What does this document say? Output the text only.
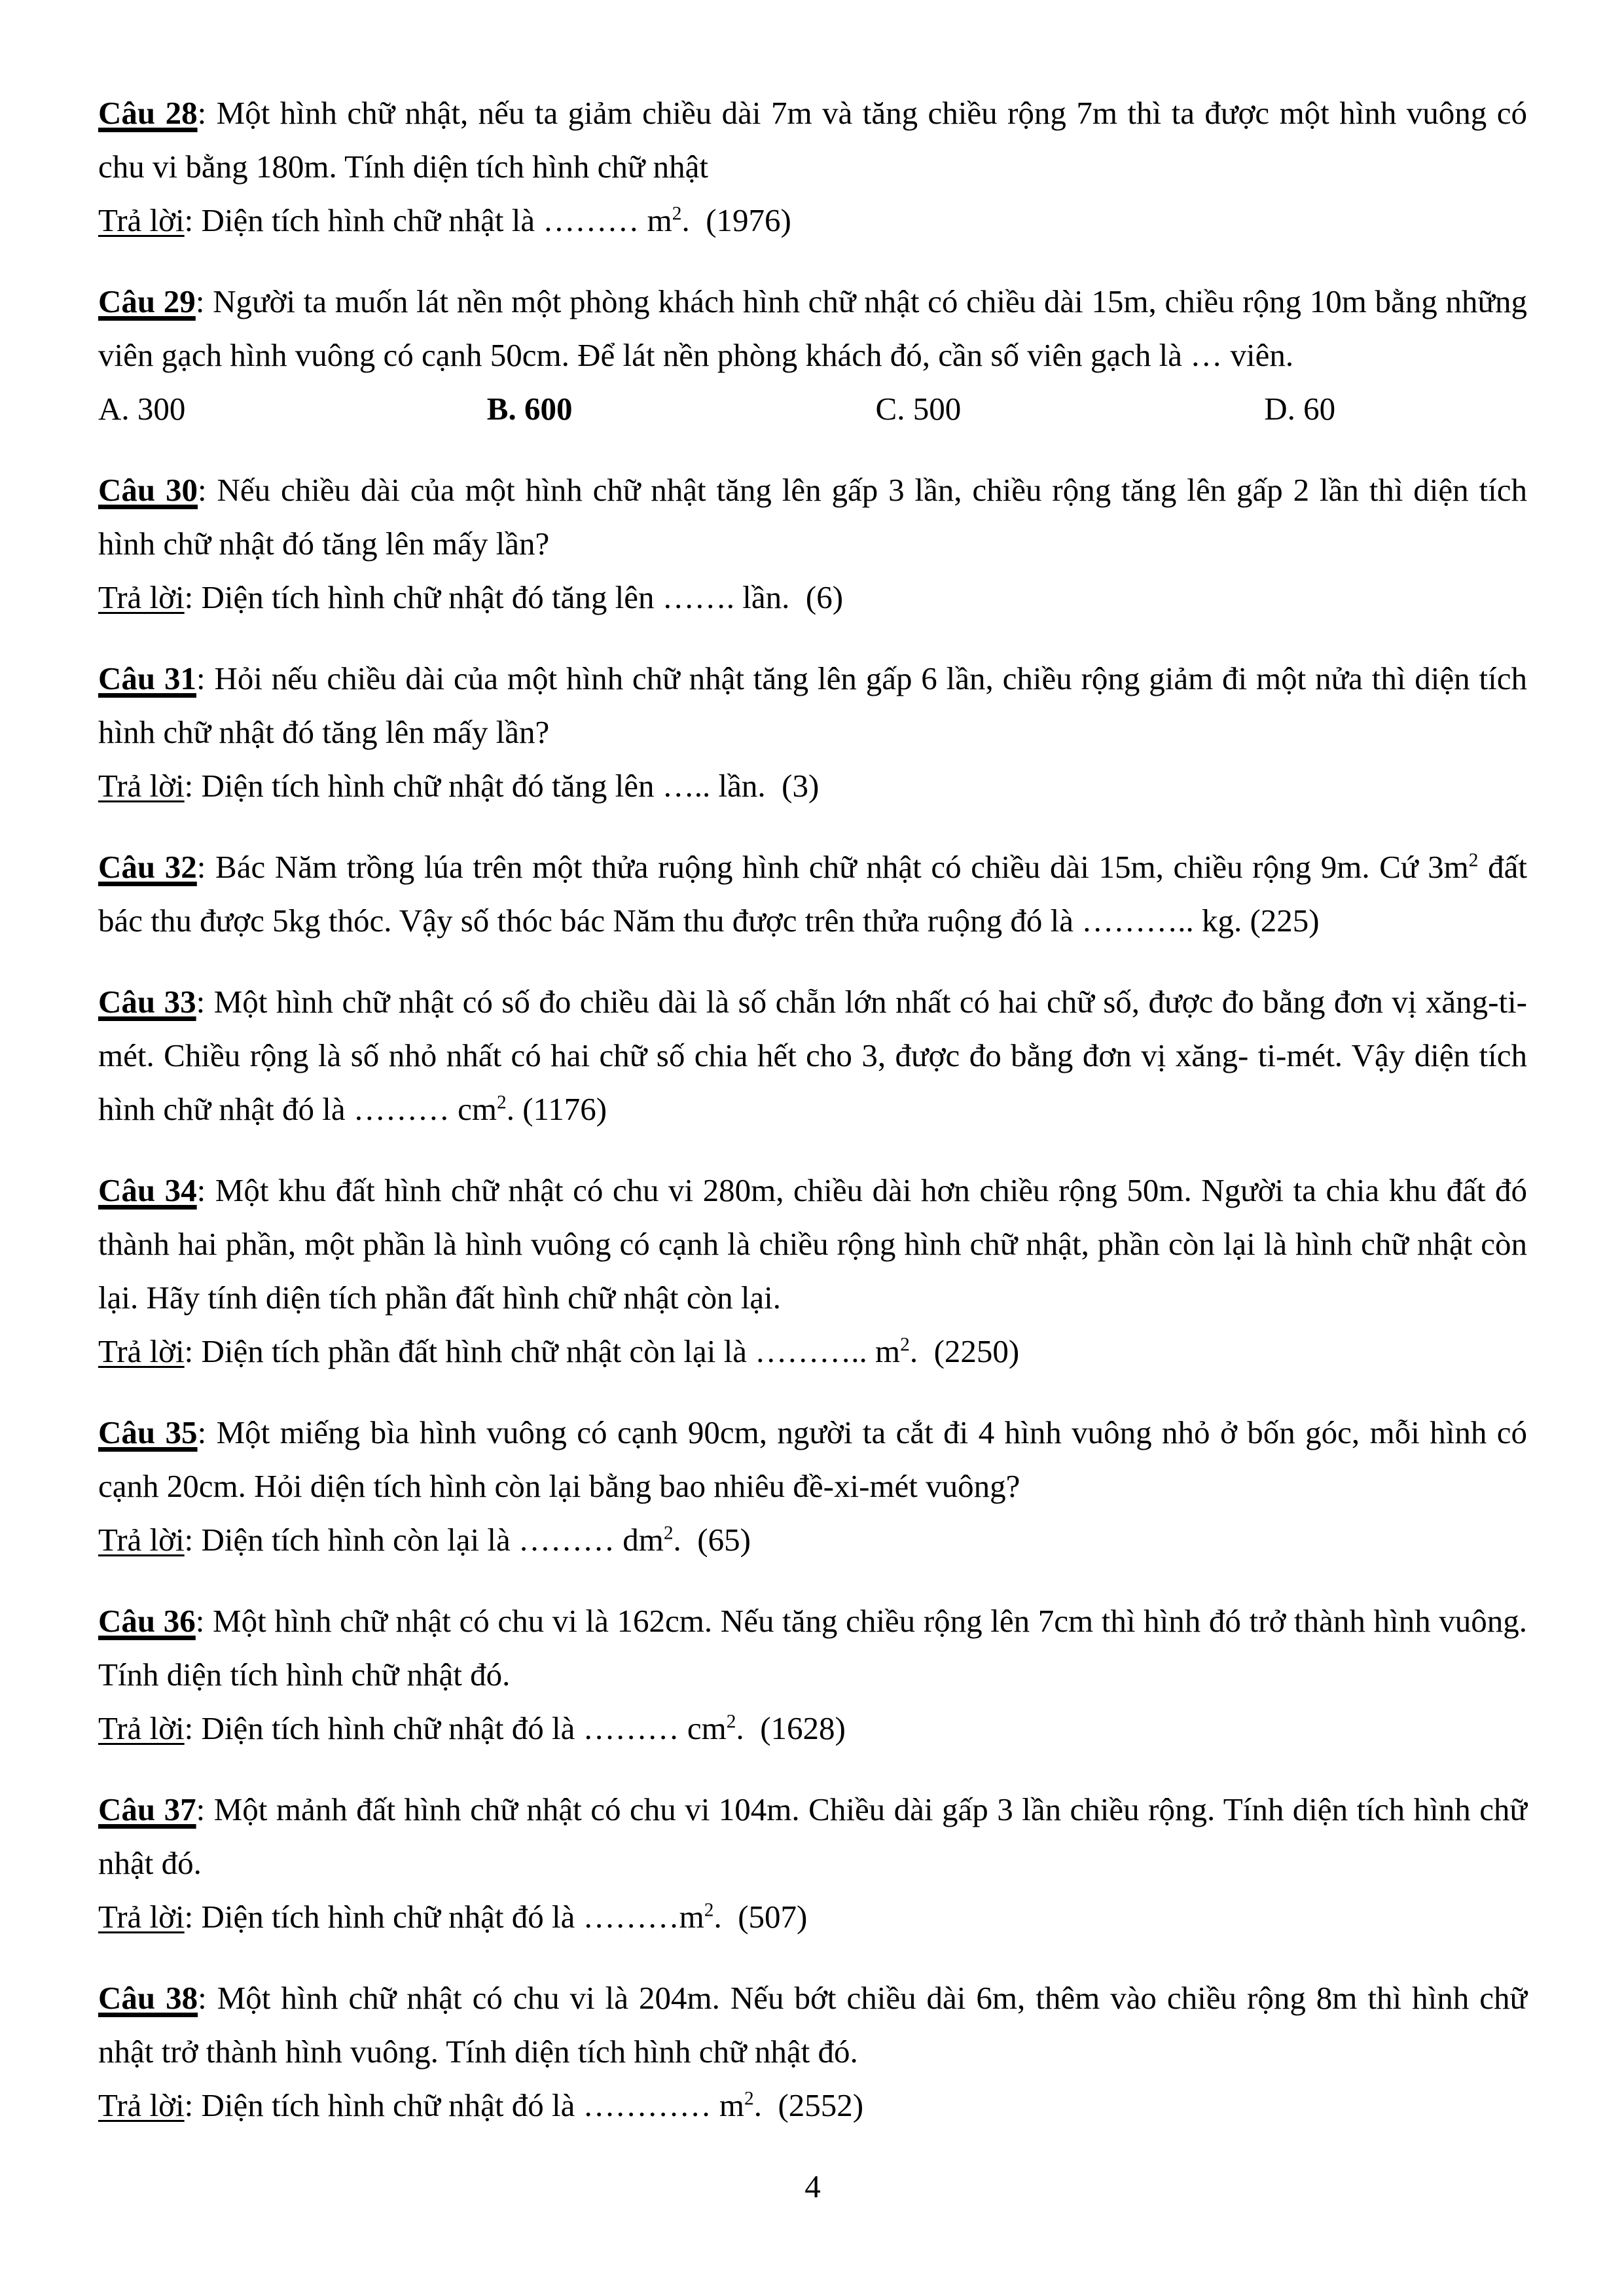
Câu 28: Một hình chữ nhật, nếu ta giảm chiều dài 7m và tăng chiều rộng 7m thì ta được một hình vuông có chu vi bằng 180m. Tính diện tích hình chữ nhật

Trả lời: Diện tích hình chữ nhật là ……… $m^2$.  (1976)

Câu 29: Người ta muốn lát nền một phòng khách hình chữ nhật có chiều dài 15m, chiều rộng 10m bằng những viên gạch hình vuông có cạnh 50cm. Để lát nền phòng khách đó, cần số viên gạch là … viên.

A. 300	B. 600	C. 500	D. 60

Câu 30: Nếu chiều dài của một hình chữ nhật tăng lên gấp 3 lần, chiều rộng tăng lên gấp 2 lần thì diện tích hình chữ nhật đó tăng lên mấy lần?

Trả lời: Diện tích hình chữ nhật đó tăng lên ……. lần.  (6)

Câu 31: Hỏi nếu chiều dài của một hình chữ nhật tăng lên gấp 6 lần, chiều rộng giảm đi một nửa thì diện tích hình chữ nhật đó tăng lên mấy lần?

Trả lời: Diện tích hình chữ nhật đó tăng lên ….. lần.  (3)

Câu 32: Bác Năm trồng lúa trên một thửa ruộng hình chữ nhật có chiều dài 15m, chiều rộng 9m. Cứ $3m^2$ đất bác thu được 5kg thóc. Vậy số thóc bác Năm thu được trên thửa ruộng đó là ……….. kg. (225)

Câu 33: Một hình chữ nhật có số đo chiều dài là số chẵn lớn nhất có hai chữ số, được đo bằng đơn vị xăng-ti-mét. Chiều rộng là số nhỏ nhất có hai chữ số chia hết cho 3, được đo bằng đơn vị xăng- ti-mét. Vậy diện tích hình chữ nhật đó là ……… $cm^2$. (1176)

Câu 34: Một khu đất hình chữ nhật có chu vi 280m, chiều dài hơn chiều rộng 50m. Người ta chia khu đất đó thành hai phần, một phần là hình vuông có cạnh là chiều rộng hình chữ nhật, phần còn lại là hình chữ nhật còn lại. Hãy tính diện tích phần đất hình chữ nhật còn lại.

Trả lời: Diện tích phần đất hình chữ nhật còn lại là ……….. $m^2$.  (2250)

Câu 35: Một miếng bìa hình vuông có cạnh 90cm, người ta cắt đi 4 hình vuông nhỏ ở bốn góc, mỗi hình có cạnh 20cm. Hỏi diện tích hình còn lại bằng bao nhiêu đề-xi-mét vuông?

Trả lời: Diện tích hình còn lại là ……… $dm^2$.  (65)

Câu 36: Một hình chữ nhật có chu vi là 162cm. Nếu tăng chiều rộng lên 7cm thì hình đó trở thành hình vuông. Tính diện tích hình chữ nhật đó.

Trả lời: Diện tích hình chữ nhật đó là ……… $cm^2$.  (1628)

Câu 37: Một mảnh đất hình chữ nhật có chu vi 104m. Chiều dài gấp 3 lần chiều rộng. Tính diện tích hình chữ nhật đó.

Trả lời: Diện tích hình chữ nhật đó là $\dots\dots\dots m^2$.  (507)

Câu 38: Một hình chữ nhật có chu vi là 204m. Nếu bớt chiều dài 6m, thêm vào chiều rộng 8m thì hình chữ nhật trở thành hình vuông. Tính diện tích hình chữ nhật đó.

Trả lời: Diện tích hình chữ nhật đó là ………… $m^2$.  (2552)

4
